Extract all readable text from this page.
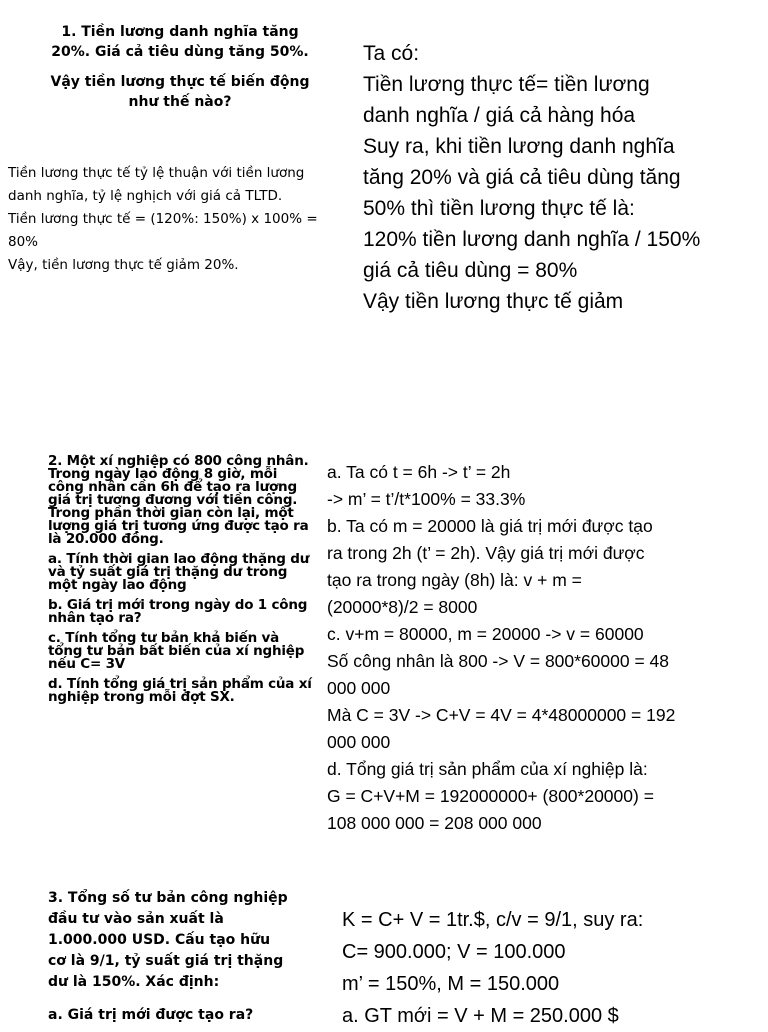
1. Tiền lương danh nghĩa tăng 20%. Giá cả tiêu dùng tăng 50%.
Vậy tiền lương thực tế biến động như thế nào?
Tiền lương thực tế tỷ lệ thuận với tiền lương
danh nghĩa, tỷ lệ nghịch với giá cả TLTD.
Tiền lương thực tế = (120%: 150%) x 100% =
80%
Vậy, tiền lương thực tế giảm 20%.
Ta có:
Tiền lương thực tế= tiền lương
danh nghĩa / giá cả hàng hóa
Suy ra, khi tiền lương danh nghĩa
tăng 20% và giá cả tiêu dùng tăng
50% thì tiền lương thực tế là:
120% tiền lương danh nghĩa / 150%
giá cả tiêu dùng = 80%
Vậy tiền lương thực tế giảm
2. Một xí nghiệp có 800 công nhân. Trong ngày lao động 8 giờ, mỗi công nhân cần 6h để tạo ra lượng giá trị tương đương với tiền công. Trong phần thời gian còn lại, một lượng giá trị tương ứng được tạo ra là 20.000 đồng.
a. Tính thời gian lao động thặng dư và tỷ suất giá trị thặng dư trong một ngày lao động
b. Giá trị mới trong ngày do 1 công nhân tạo ra?
c. Tính tổng tư bản khả biến và tổng tư bản bất biến của xí nghiệp nếu C= 3V
d. Tính tổng giá trị sản phẩm của xí nghiệp trong mỗi đợt SX.
a. Ta có t = 6h -> t’ = 2h
-> m’ = t’/t*100% = 33.3%
b. Ta có m = 20000 là giá trị mới được tạo
ra trong 2h (t’ = 2h). Vậy giá trị mới được
tạo ra trong ngày (8h) là: v + m =
(20000*8)/2 = 8000
c. v+m = 80000, m = 20000 -> v = 60000
Số công nhân là 800 -> V = 800*60000 = 48
000 000
Mà C = 3V -> C+V = 4V = 4*48000000 = 192
000 000
d. Tổng giá trị sản phẩm của xí nghiệp là:
G = C+V+M = 192000000+ (800*20000) =
108 000 000 = 208 000 000
3. Tổng số tư bản công nghiệp
đầu tư vào sản xuất là
1.000.000 USD. Cấu tạo hữu
cơ là 9/1, tỷ suất giá trị thặng
dư là 150%. Xác định:
a. Giá trị mới được tạo ra?
K = C+ V = 1tr.$, c/v = 9/1, suy ra:
C= 900.000; V = 100.000
m’ = 150%, M = 150.000
a. GT mới = V + M = 250.000 $
